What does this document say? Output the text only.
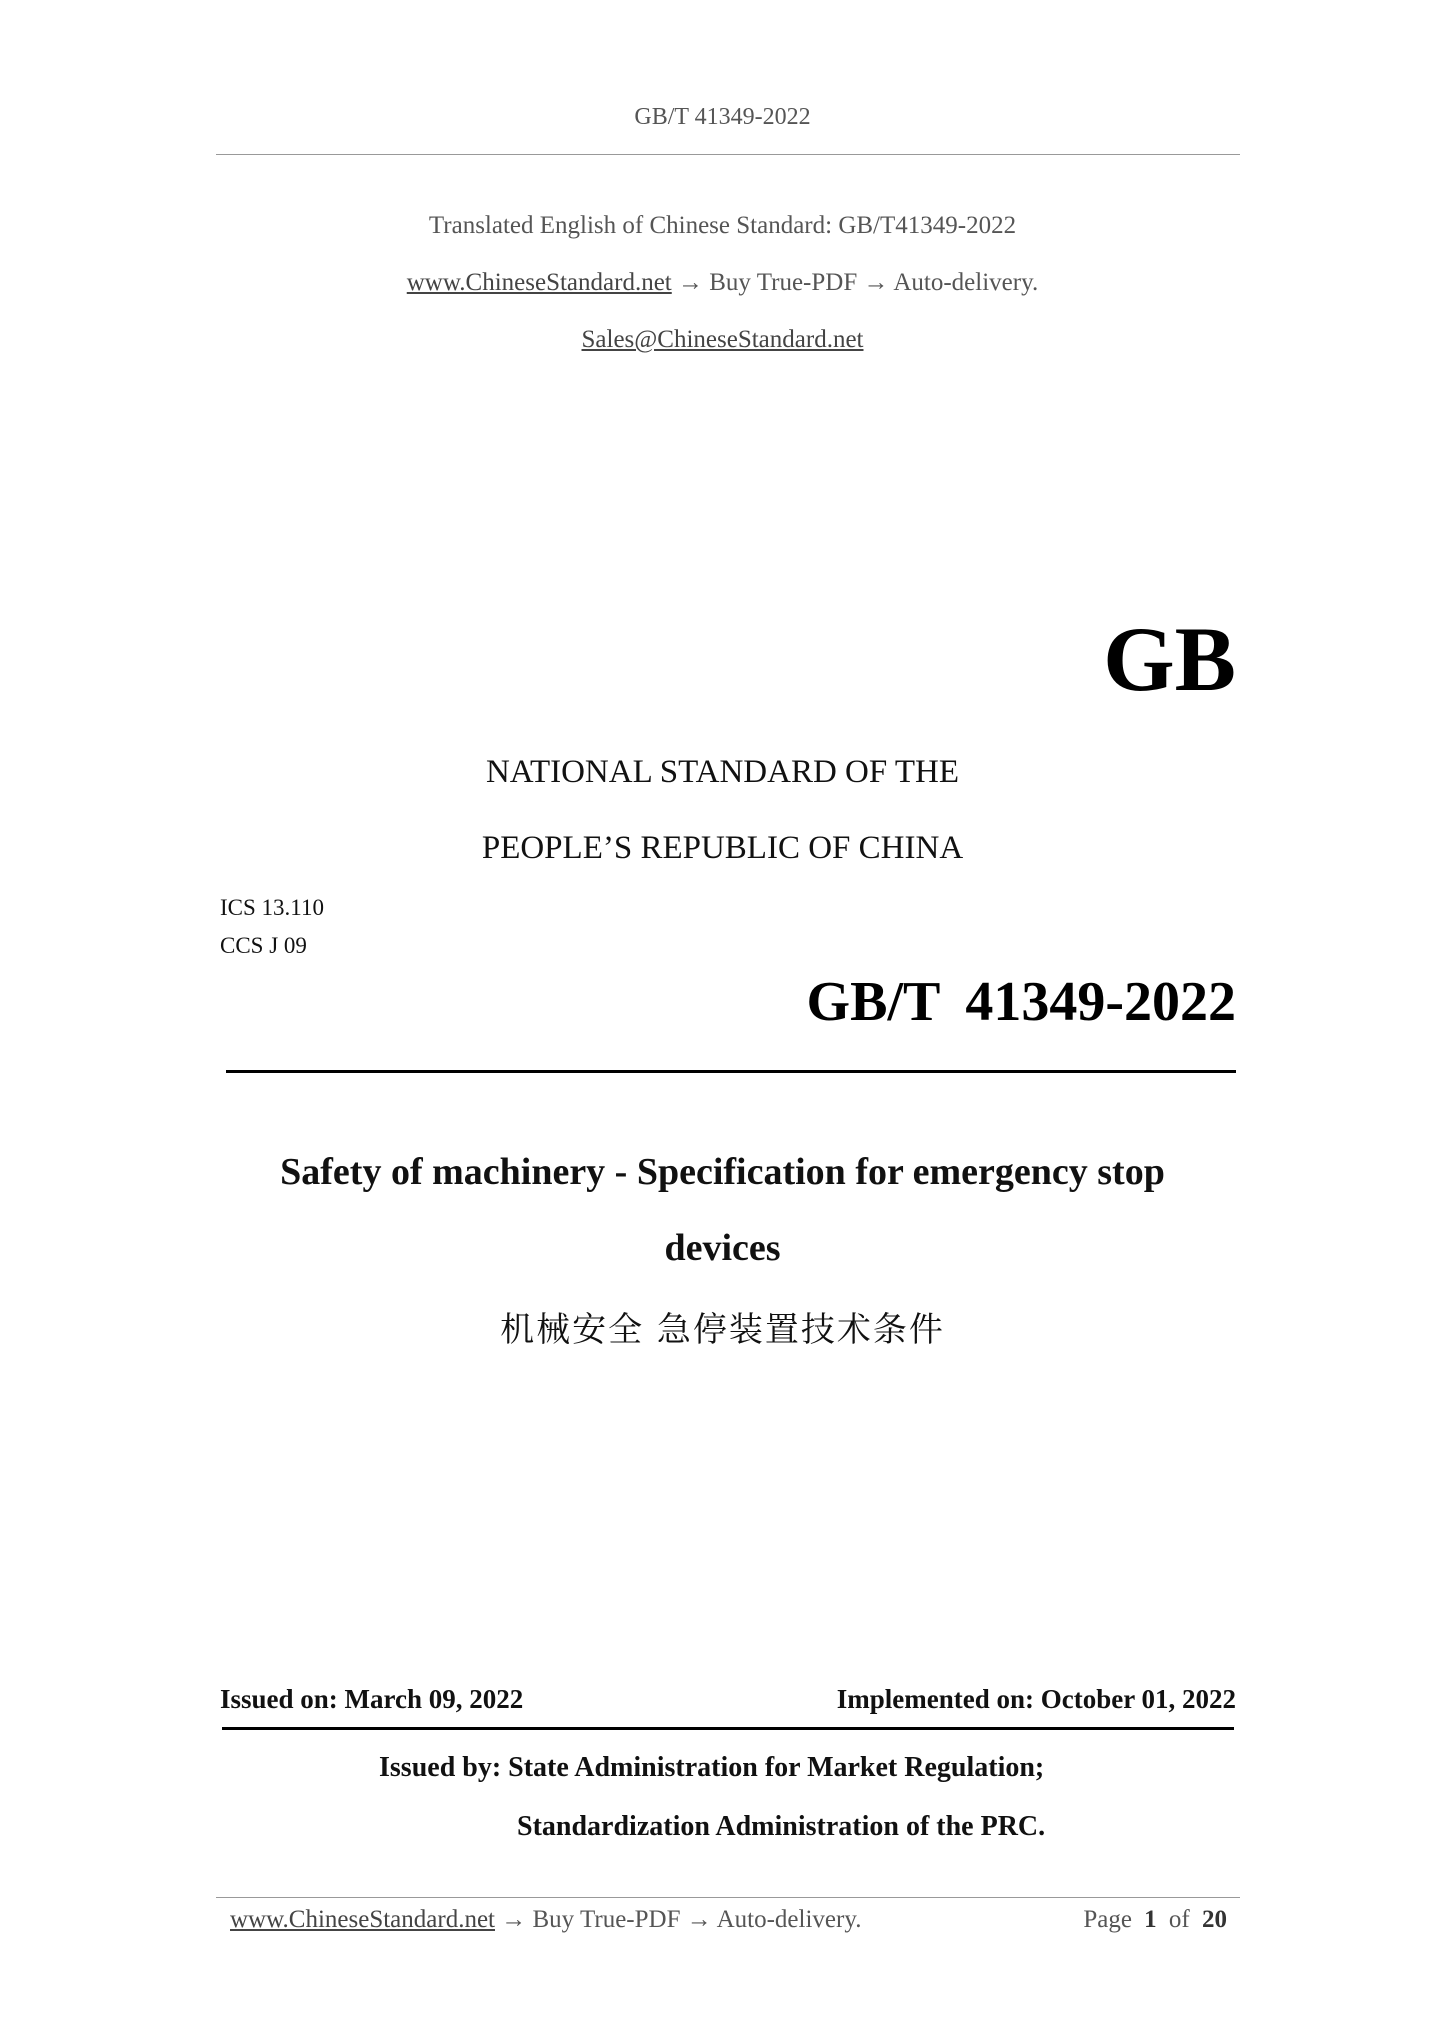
GB/T 41349-2022
Translated English of Chinese Standard: GB/T41349-2022
www.ChineseStandard.net → Buy True-PDF → Auto-delivery.
Sales@ChineseStandard.net
GB
NATIONAL STANDARD OF THE
PEOPLE’S REPUBLIC OF CHINA
ICS 13.110
CCS J 09
GB/T 41349-2022
Safety of machinery - Specification for emergency stop
devices
机械安全 急停装置技术条件
Issued on: March 09, 2022	Implemented on: October 01, 2022
Issued by: State Administration for Market Regulation;
Standardization Administration of the PRC.
www.ChineseStandard.net → Buy True-PDF → Auto-delivery.	Page 1 of 20
